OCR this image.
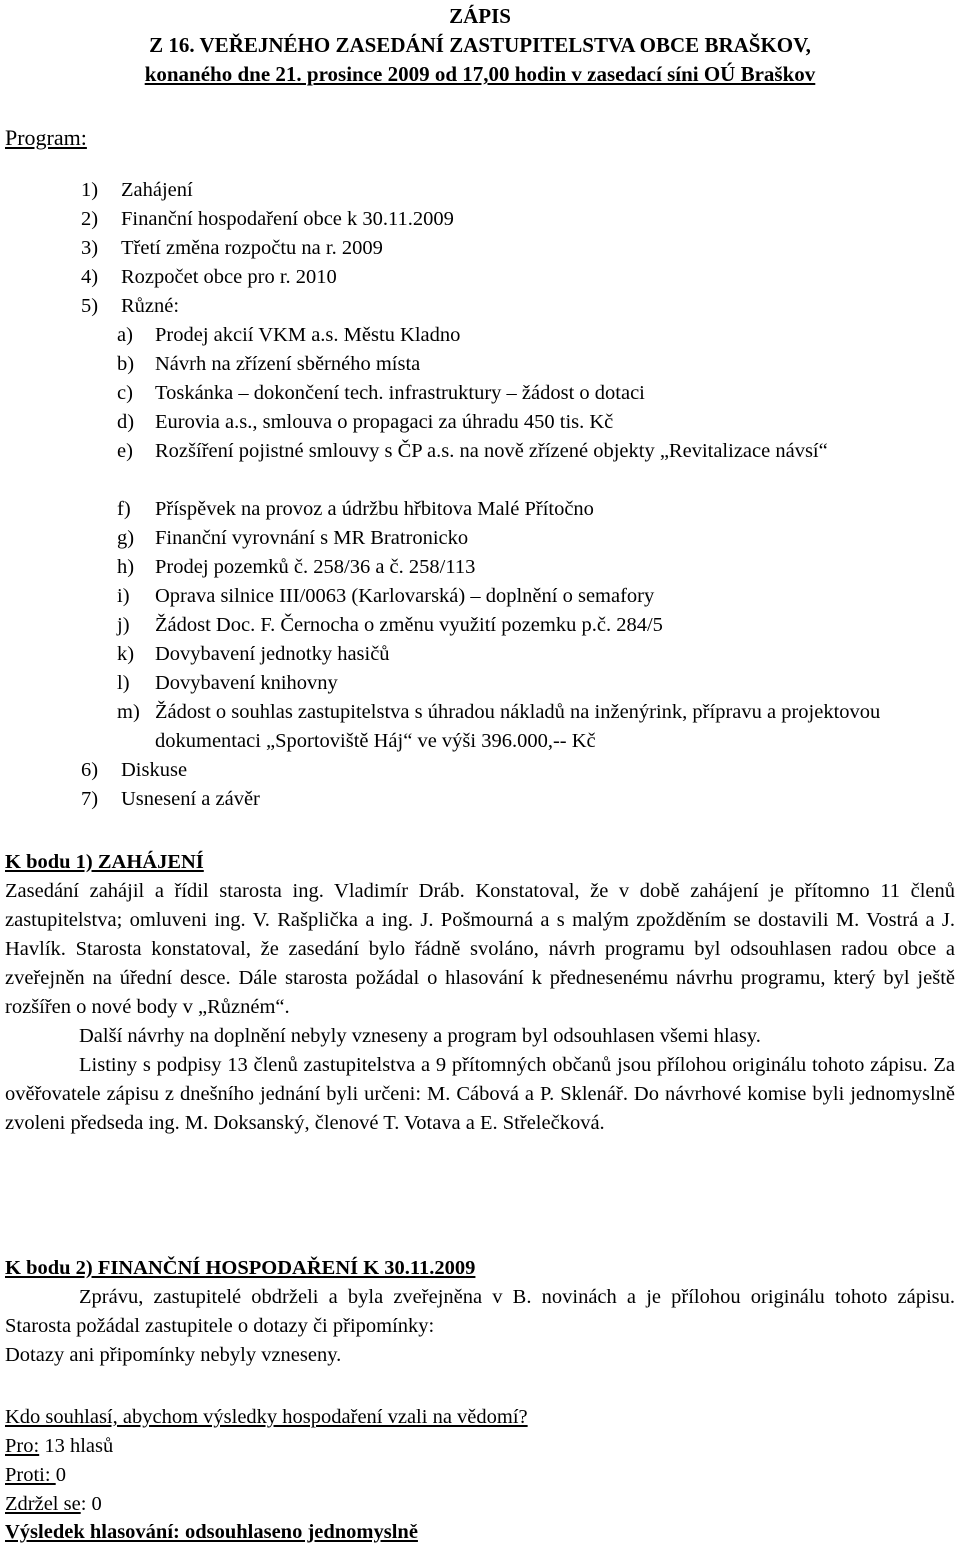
ZÁPIS
Z 16. VEŘEJNÉHO ZASEDÁNÍ ZASTUPITELSTVA OBCE BRAŠKOV,
konaného dne 21. prosince 2009 od 17,00 hodin v zasedací síni OÚ Braškov
Program:
1) Zahájení
2) Finanční hospodaření obce k 30.11.2009
3) Třetí změna rozpočtu na r. 2009
4) Rozpočet obce pro r. 2010
5) Různé:
a) Prodej akcií VKM a.s. Městu Kladno
b) Návrh na zřízení sběrného místa
c) Toskánka – dokončení tech. infrastruktury – žádost o dotaci
d) Eurovia a.s., smlouva o propagaci za úhradu 450 tis. Kč
e) Rozšíření pojistné smlouvy s ČP a.s. na nově zřízené objekty „Revitalizace návsí“
f) Příspěvek na provoz a údržbu hřbitova Malé Přítočno
g) Finanční vyrovnání s MR Bratronicko
h) Prodej pozemků č. 258/36 a č. 258/113
i) Oprava silnice III/0063 (Karlovarská) – doplnění o semafory
j) Žádost Doc. F. Černocha o změnu využití pozemku p.č. 284/5
k) Dovybavení jednotky hasičů
l) Dovybavení knihovny
m) Žádost o souhlas zastupitelstva s úhradou nákladů na inženýrink, přípravu a projektovou dokumentaci „Sportoviště Háj“ ve výši 396.000,-- Kč
6) Diskuse
7) Usnesení a závěr
K bodu 1) ZAHÁJENÍ

Zasedání zahájil a řídil starosta ing. Vladimír Dráb. Konstatoval, že v době zahájení je přítomno 11 členů zastupitelstva; omluveni ing. V. Rašplička a ing. J. Pošmourná a s malým zpožděním se dostavili M. Vostrá a J. Havlík. Starosta konstatoval, že zasedání bylo řádně svoláno, návrh programu byl odsouhlasen radou obce a zveřejněn na úřední desce. Dále starosta požádal o hlasování k přednesenému návrhu programu, který byl ještě rozšířen o nové body v „Různém“.

Další návrhy na doplnění nebyly vzneseny a program byl odsouhlasen všemi hlasy.

Listiny s podpisy 13 členů zastupitelstva a 9 přítomných občanů jsou přílohou originálu tohoto zápisu. Za ověřovatele zápisu z dnešního jednání byli určeni: M. Cábová a P. Sklenář. Do návrhové komise byli jednomyslně zvoleni předseda ing. M. Doksanský, členové T. Votava a E. Střelečková.

K bodu 2) FINANČNÍ HOSPODAŘENÍ K 30.11.2009

Zprávu, zastupitelé obdrželi a byla zveřejněna v B. novinách a je přílohou originálu tohoto zápisu. Starosta požádal zastupitele o dotazy či připomínky:

Dotazy ani připomínky nebyly vzneseny.

Kdo souhlasí, abychom výsledky hospodaření vzali na vědomí?
Pro: 13 hlasů
Proti: 0
Zdržel se: 0
Výsledek hlasování: odsouhlaseno jednomyslně
